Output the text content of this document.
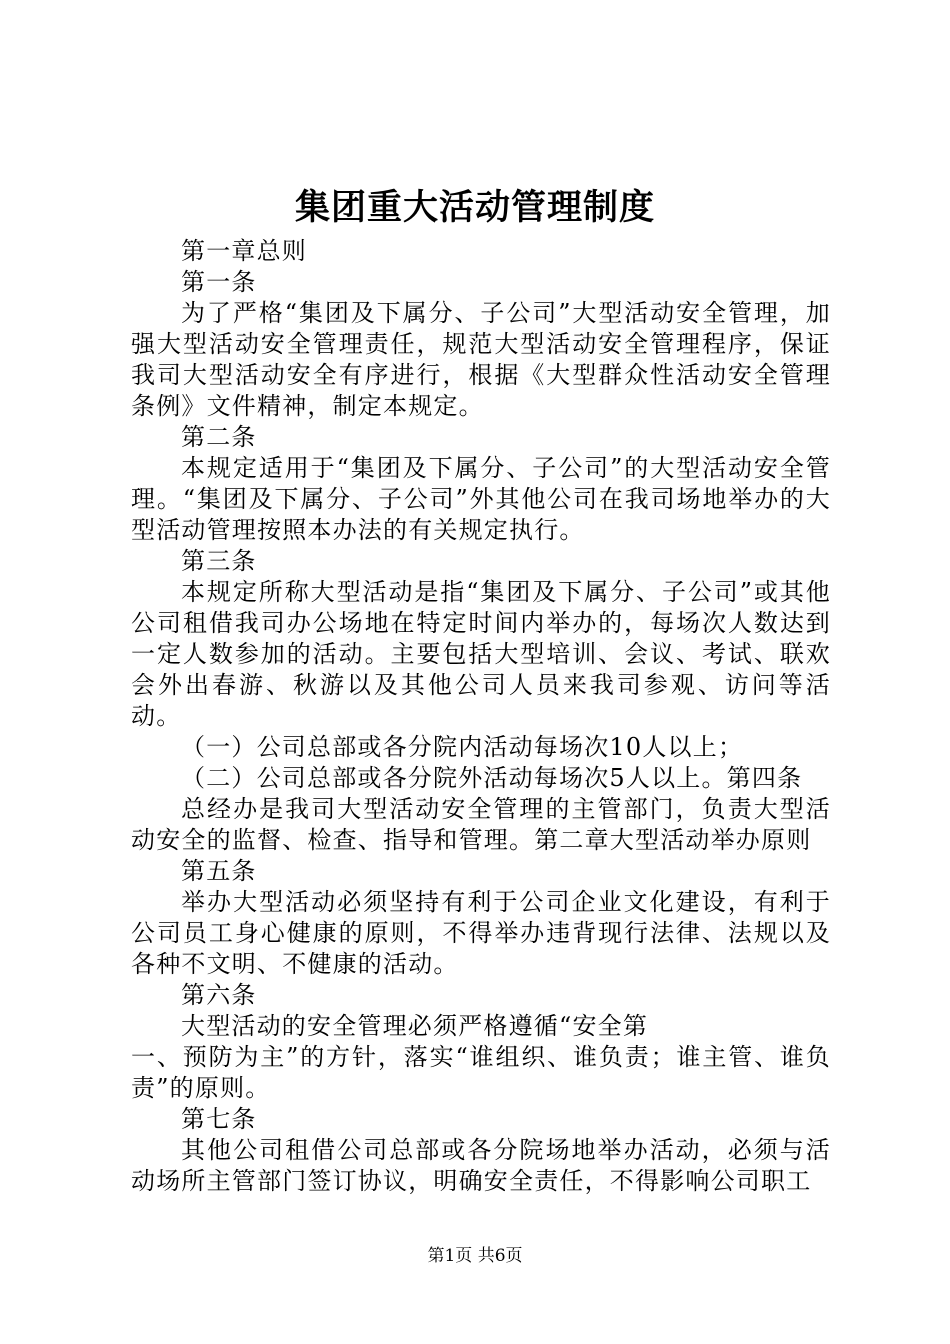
集团重大活动管理制度

第一章总则

第一条

为了严格“集团及下属分、子公司”大型活动安全管理，加强大型活动安全管理责任，规范大型活动安全管理程序，保证我司大型活动安全有序进行，根据《大型群众性活动安全管理条例》文件精神，制定本规定。

第二条

本规定适用于“集团及下属分、子公司”的大型活动安全管理。“集团及下属分、子公司”外其他公司在我司场地举办的大型活动管理按照本办法的有关规定执行。

第三条

本规定所称大型活动是指“集团及下属分、子公司”或其他公司租借我司办公场地在特定时间内举办的，每场次人数达到一定人数参加的活动。主要包括大型培训、会议、考试、联欢会外出春游、秋游以及其他公司人员来我司参观、访问等活动。

（一）公司总部或各分院内活动每场次10人以上；

（二）公司总部或各分院外活动每场次5人以上。第四条

总经办是我司大型活动安全管理的主管部门，负责大型活动安全的监督、检查、指导和管理。第二章大型活动举办原则

第五条

举办大型活动必须坚持有利于公司企业文化建设，有利于公司员工身心健康的原则，不得举办违背现行法律、法规以及各种不文明、不健康的活动。

第六条

大型活动的安全管理必须严格遵循“安全第

一、预防为主”的方针，落实“谁组织、谁负责；谁主管、谁负责”的原则。

第七条

其他公司租借公司总部或各分院场地举办活动，必须与活动场所主管部门签订协议，明确安全责任，不得影响公司职工

第1页 共6页
